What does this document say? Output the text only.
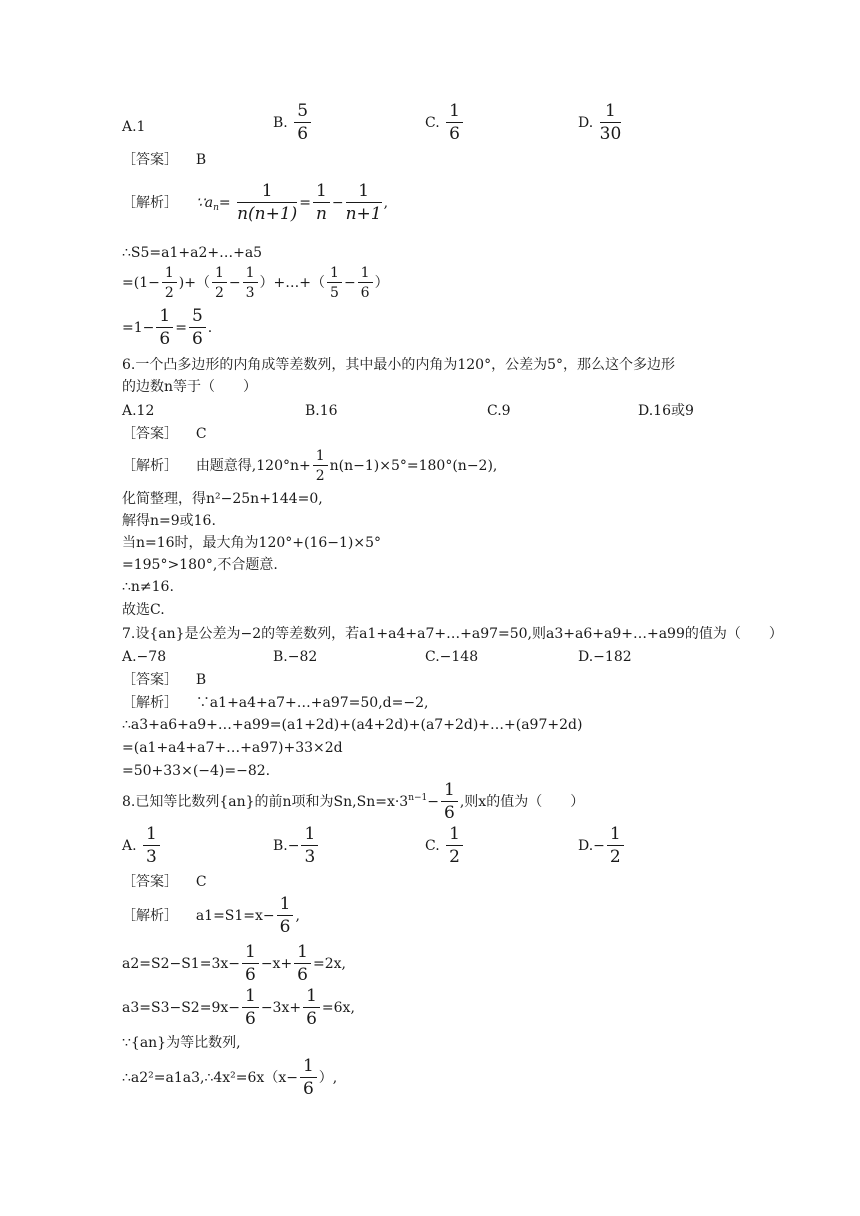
A.1	B. $\frac{5}{6}$	C. $\frac{1}{6}$	D. $\frac{1}{30}$
［答案］ B
［解析］ $\because a_n= \frac{1}{n(n+1)} = \frac{1}{n} - \frac{1}{n+1}$ ,
∴S5=a1+a2+…+a5
$=(1- \frac{1}{2}$ )+（ $\frac{1}{2} - \frac{1}{3}$ ）+…+（ $\frac{1}{5} - \frac{1}{6}$ ）
$=1- \frac{1}{6} = \frac{5}{6}$ .
6.一个凸多边形的内角成等差数列，其中最小的内角为120°，公差为5°，那么这个多边形
的边数n等于（　　）
A.12	B.16	C.9	D.16或9
［答案］ C
［解析］ 由题意得$,120^\circ n+ \frac{1}{2} n(n-1)\times 5^\circ=180^\circ(n-2)$,
化简整理，得n²−25n+144=0,
解得n=9或16.
当n=16时，最大角为120°+(16−1)×5°
=195°>180°,不合题意.
∴n≠16.
故选C.
7.设{an}是公差为−2的等差数列，若a1+a4+a7+…+a97=50,则a3+a6+a9+…+a99的值为（　　）
A.−78	B.−82	C.−148	D.−182
［答案］ B
［解析］ ∵a1+a4+a7+…+a97=50,d=−2,
∴a3+a6+a9+…+a99=(a1+2d)+(a4+2d)+(a7+2d)+…+(a97+2d)
=(a1+a4+a7+…+a97)+33×2d
=50+33×(−4)=−82.
8.已知等比数列{an}的前n项和为$Sn,Sn=x\cdot 3^{n-1}- \frac{1}{6}$ ,则x的值为（　　）
A. $\frac{1}{3}$	$B.- \frac{1}{3}$	C. $\frac{1}{2}$	$D.- \frac{1}{2}$
［答案］ C
［解析］ $a1=S1=x- \frac{1}{6}$ ,
$a2=S2-S1=3x- \frac{1}{6} -x+ \frac{1}{6} =2x$,
$a3=S3-S2=9x- \frac{1}{6} -3x+ \frac{1}{6} =6x$,
∵{an}为等比数列,
∴a2²=a1a3,∴4x²=6x（x− $\frac{1}{6}$ ）,
